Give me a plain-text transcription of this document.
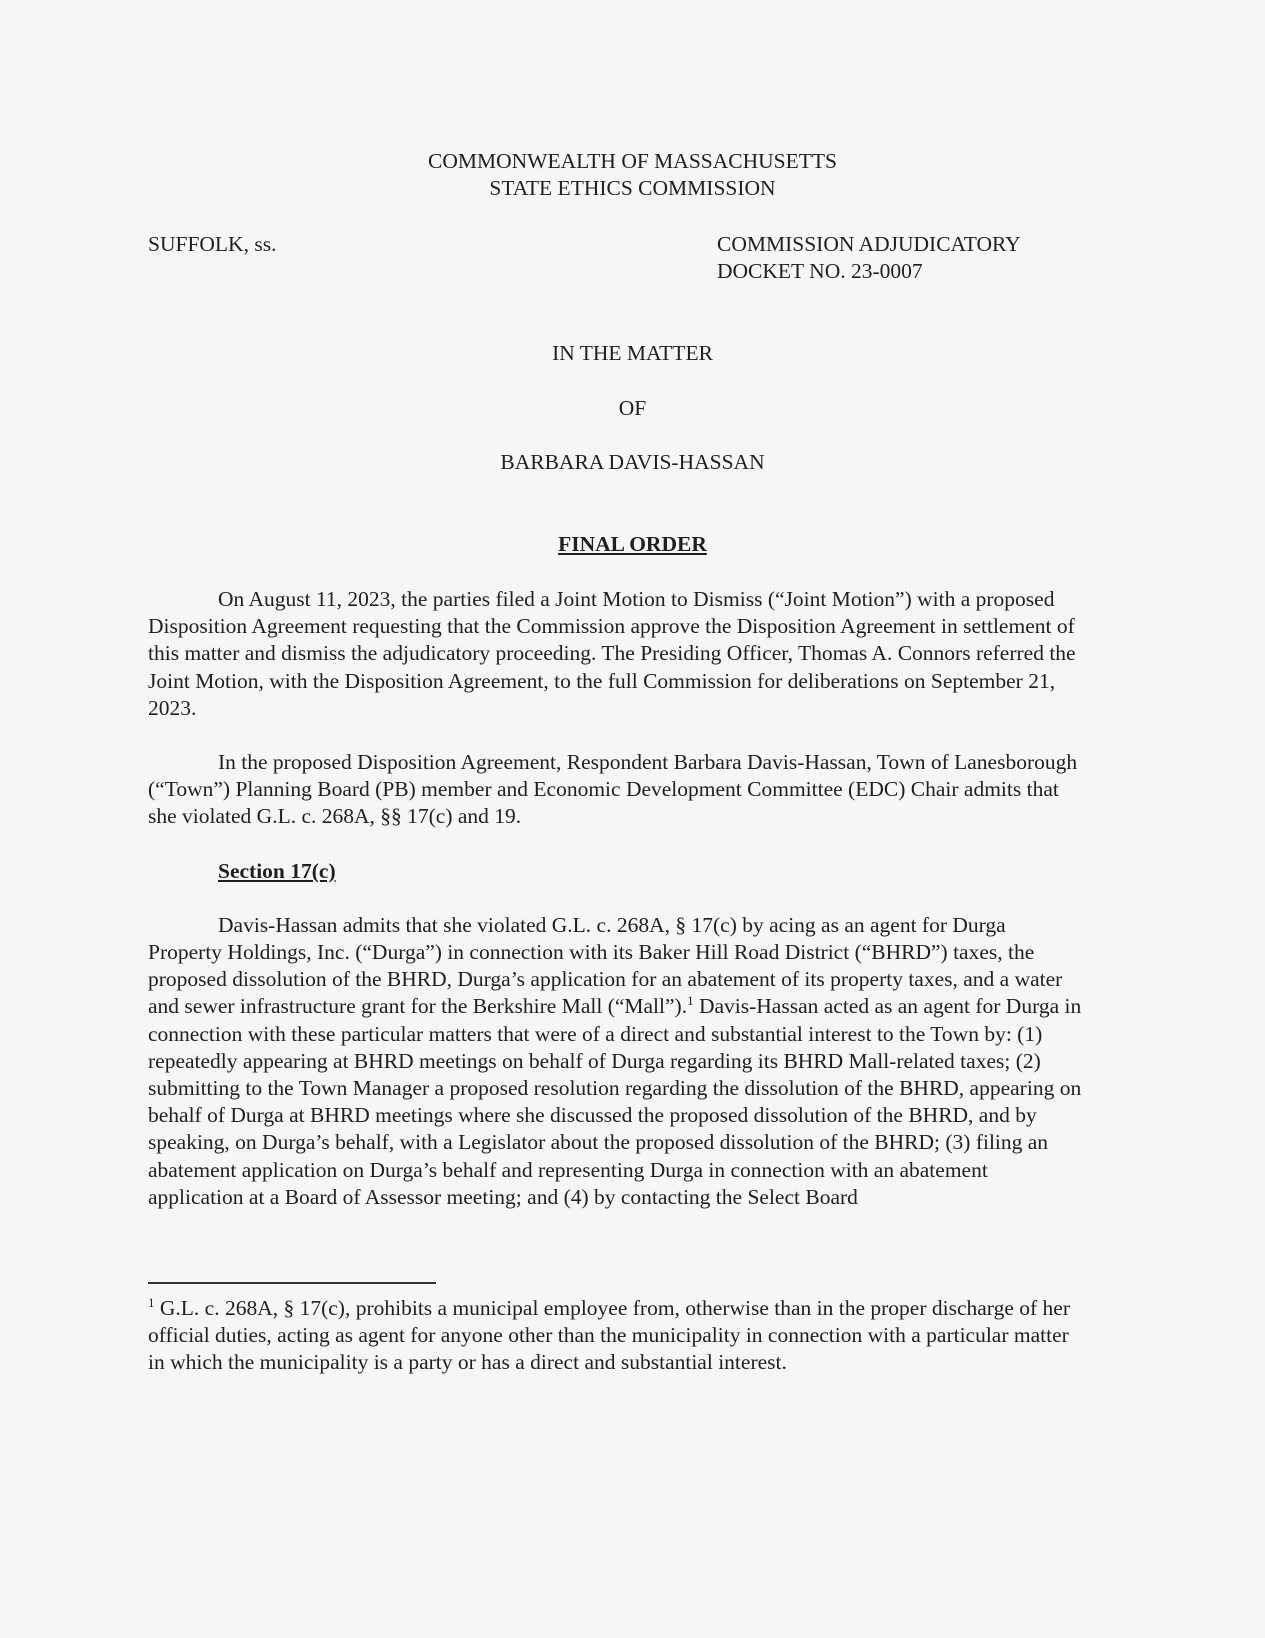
COMMONWEALTH OF MASSACHUSETTS
STATE ETHICS COMMISSION
SUFFOLK, ss.	COMMISSION ADJUDICATORY
DOCKET NO. 23-0007
IN THE MATTER
OF
BARBARA DAVIS-HASSAN
FINAL ORDER

On August 11, 2023, the parties filed a Joint Motion to Dismiss (“Joint Motion”) with a proposed Disposition Agreement requesting that the Commission approve the Disposition Agreement in settlement of this matter and dismiss the adjudicatory proceeding. The Presiding Officer, Thomas A. Connors referred the Joint Motion, with the Disposition Agreement, to the full Commission for deliberations on September 21, 2023.

In the proposed Disposition Agreement, Respondent Barbara Davis-Hassan, Town of Lanesborough (“Town”) Planning Board (PB) member and Economic Development Committee (EDC) Chair admits that she violated G.L. c. 268A, §§ 17(c) and 19.

Section 17(c)

Davis-Hassan admits that she violated G.L. c. 268A, § 17(c) by acing as an agent for Durga Property Holdings, Inc. (“Durga”) in connection with its Baker Hill Road District (“BHRD”) taxes, the proposed dissolution of the BHRD, Durga’s application for an abatement of its property taxes, and a water and sewer infrastructure grant for the Berkshire Mall (“Mall”).$^1$ Davis-Hassan acted as an agent for Durga in connection with these particular matters that were of a direct and substantial interest to the Town by: (1) repeatedly appearing at BHRD meetings on behalf of Durga regarding its BHRD Mall-related taxes; (2) submitting to the Town Manager a proposed resolution regarding the dissolution of the BHRD, appearing on behalf of Durga at BHRD meetings where she discussed the proposed dissolution of the BHRD, and by speaking, on Durga’s behalf, with a Legislator about the proposed dissolution of the BHRD; (3) filing an abatement application on Durga’s behalf and representing Durga in connection with an abatement application at a Board of Assessor meeting; and (4) by contacting the Select Board

$^1$ G.L. c. 268A, § 17(c), prohibits a municipal employee from, otherwise than in the proper discharge of her official duties, acting as agent for anyone other than the municipality in connection with a particular matter in which the municipality is a party or has a direct and substantial interest.
